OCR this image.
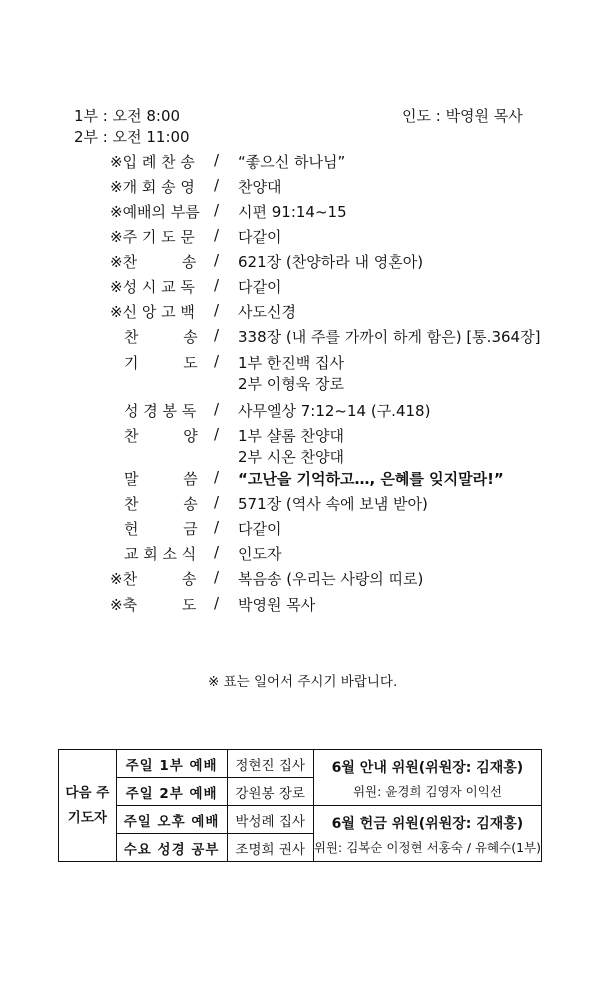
1부 : 오전 8:00
2부 : 오전 11:00
인도 : 박영원 목사
※입 례 찬 송 / “좋으신 하나님”
※개 회 송 영 / 찬양대
※예배의 부름 / 시편 91:14~15
※주 기 도 문 / 다같이
※찬 송 / 621장 (찬양하라 내 영혼아)
※성 시 교 독 / 다같이
※신 앙 고 백 / 사도신경
찬 송 / 338장 (내 주를 가까이 하게 함은) [통.364장]
기 도 / 1부 한진백 집사
2부 이형욱 장로
성 경 봉 독 / 사무엘상 7:12~14 (구.418)
찬 양 / 1부 샬롬 찬양대
2부 시온 찬양대
말 씀 / “고난을 기억하고…, 은혜를 잊지말라!”
찬 송 / 571장 (역사 속에 보냄 받아)
헌 금 / 다같이
교 회 소 식 / 인도자
※찬 송 / 복음송 (우리는 사랑의 띠로)
※축 도 / 박영원 목사
※ 표는 일어서 주시기 바랍니다.
다음 주 기도자	주일 1부 예배	정현진 집사	6월 안내 위원(위원장: 김재홍)
위원: 윤경희 김영자 이익선

	주일 2부 예배	강원봉 장로	
	주일 오후 예배	박성례 집사	6월 헌금 위원(위원장: 김재홍)
위원: 김복순 이정현 서홍숙 / 유혜수(1부)

	수요 성경 공부	조명희 권사	
